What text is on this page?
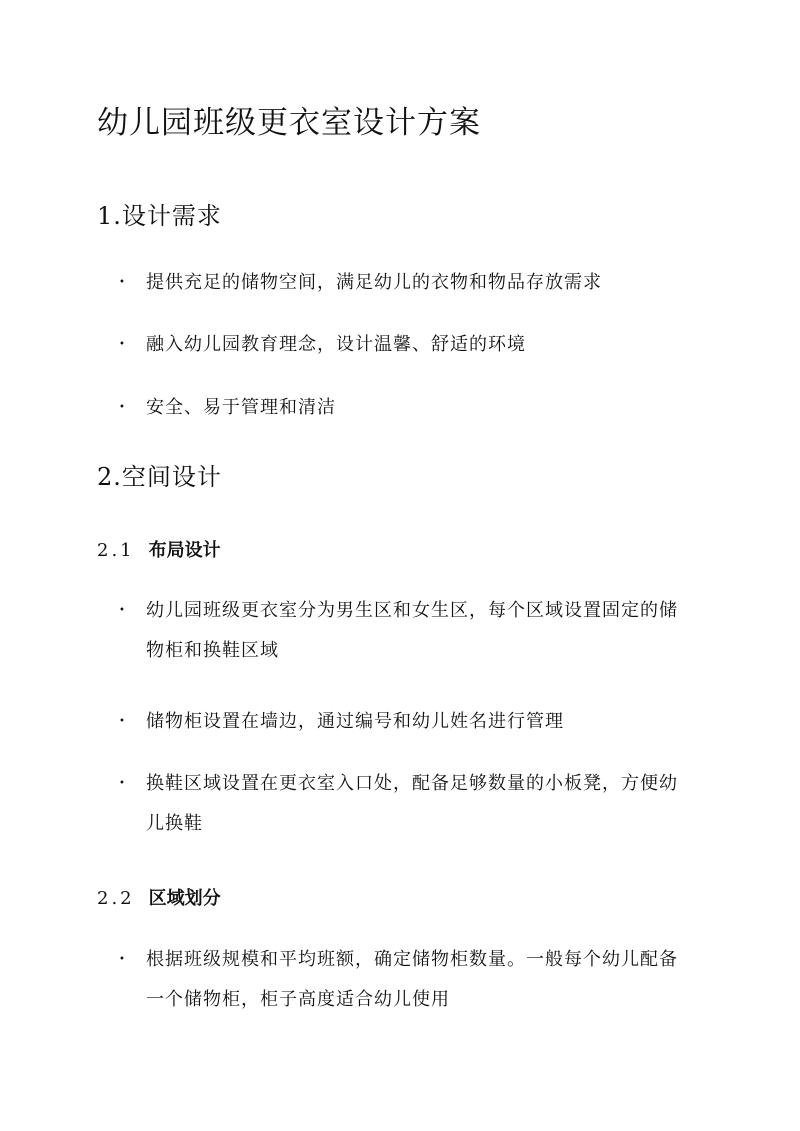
幼儿园班级更衣室设计方案
1.设计需求

• 提供充足的储物空间，满足幼儿的衣物和物品存放需求

• 融入幼儿园教育理念，设计温馨、舒适的环境

• 安全、易于管理和清洁

2.空间设计
2.1 布局设计

• 幼儿园班级更衣室分为男生区和女生区，每个区域设置固定的储物柜和换鞋区域

• 储物柜设置在墙边，通过编号和幼儿姓名进行管理

• 换鞋区域设置在更衣室入口处，配备足够数量的小板凳，方便幼儿换鞋

2.2 区域划分

• 根据班级规模和平均班额，确定储物柜数量。一般每个幼儿配备一个储物柜，柜子高度适合幼儿使用
